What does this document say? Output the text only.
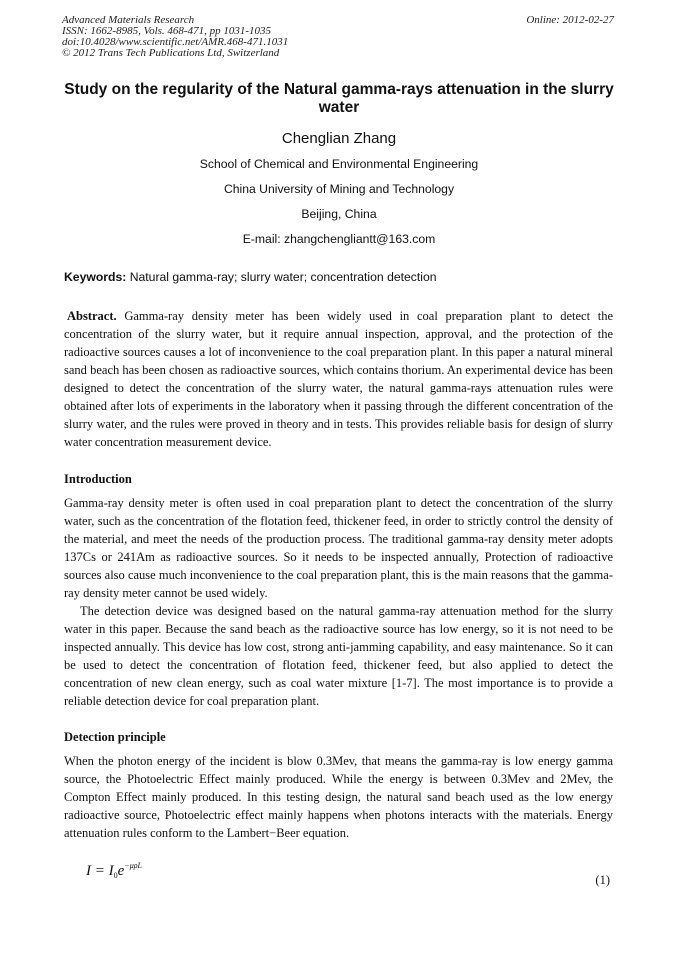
Advanced Materials Research
ISSN: 1662-8985, Vols. 468-471, pp 1031-1035
doi:10.4028/www.scientific.net/AMR.468-471.1031
© 2012 Trans Tech Publications Ltd, Switzerland
Online: 2012-02-27
Study on the regularity of the Natural gamma-rays attenuation in the slurry water
Chenglian Zhang
School of Chemical and Environmental Engineering
China University of Mining and Technology
Beijing, China
E-mail: zhangchengliantt@163.com
Keywords: Natural gamma-ray; slurry water; concentration detection
Abstract. Gamma-ray density meter has been widely used in coal preparation plant to detect the concentration of the slurry water, but it require annual inspection, approval, and the protection of the radioactive sources causes a lot of inconvenience to the coal preparation plant. In this paper a natural mineral sand beach has been chosen as radioactive sources, which contains thorium. An experimental device has been designed to detect the concentration of the slurry water, the natural gamma-rays attenuation rules were obtained after lots of experiments in the laboratory when it passing through the different concentration of the slurry water, and the rules were proved in theory and in tests. This provides reliable basis for design of slurry water concentration measurement device.
Introduction
Gamma-ray density meter is often used in coal preparation plant to detect the concentration of the slurry water, such as the concentration of the flotation feed, thickener feed, in order to strictly control the density of the material, and meet the needs of the production process. The traditional gamma-ray density meter adopts 137Cs or 241Am as radioactive sources. So it needs to be inspected annually, Protection of radioactive sources also cause much inconvenience to the coal preparation plant, this is the main reasons that the gamma-ray density meter cannot be used widely.
The detection device was designed based on the natural gamma-ray attenuation method for the slurry water in this paper. Because the sand beach as the radioactive source has low energy, so it is not need to be inspected annually. This device has low cost, strong anti-jamming capability, and easy maintenance. So it can be used to detect the concentration of flotation feed, thickener feed, but also applied to detect the concentration of new clean energy, such as coal water mixture [1-7]. The most importance is to provide a reliable detection device for coal preparation plant.
Detection principle
When the photon energy of the incident is blow 0.3Mev, that means the gamma-ray is low energy gamma source, the Photoelectric Effect mainly produced. While the energy is between 0.3Mev and 2Mev, the Compton Effect mainly produced. In this testing design, the natural sand beach used as the low energy radioactive source, Photoelectric effect mainly happens when photons interacts with the materials. Energy attenuation rules conform to the Lambert−Beer equation.
$I = I_0e^{-\mu\rho L}$
(1)
